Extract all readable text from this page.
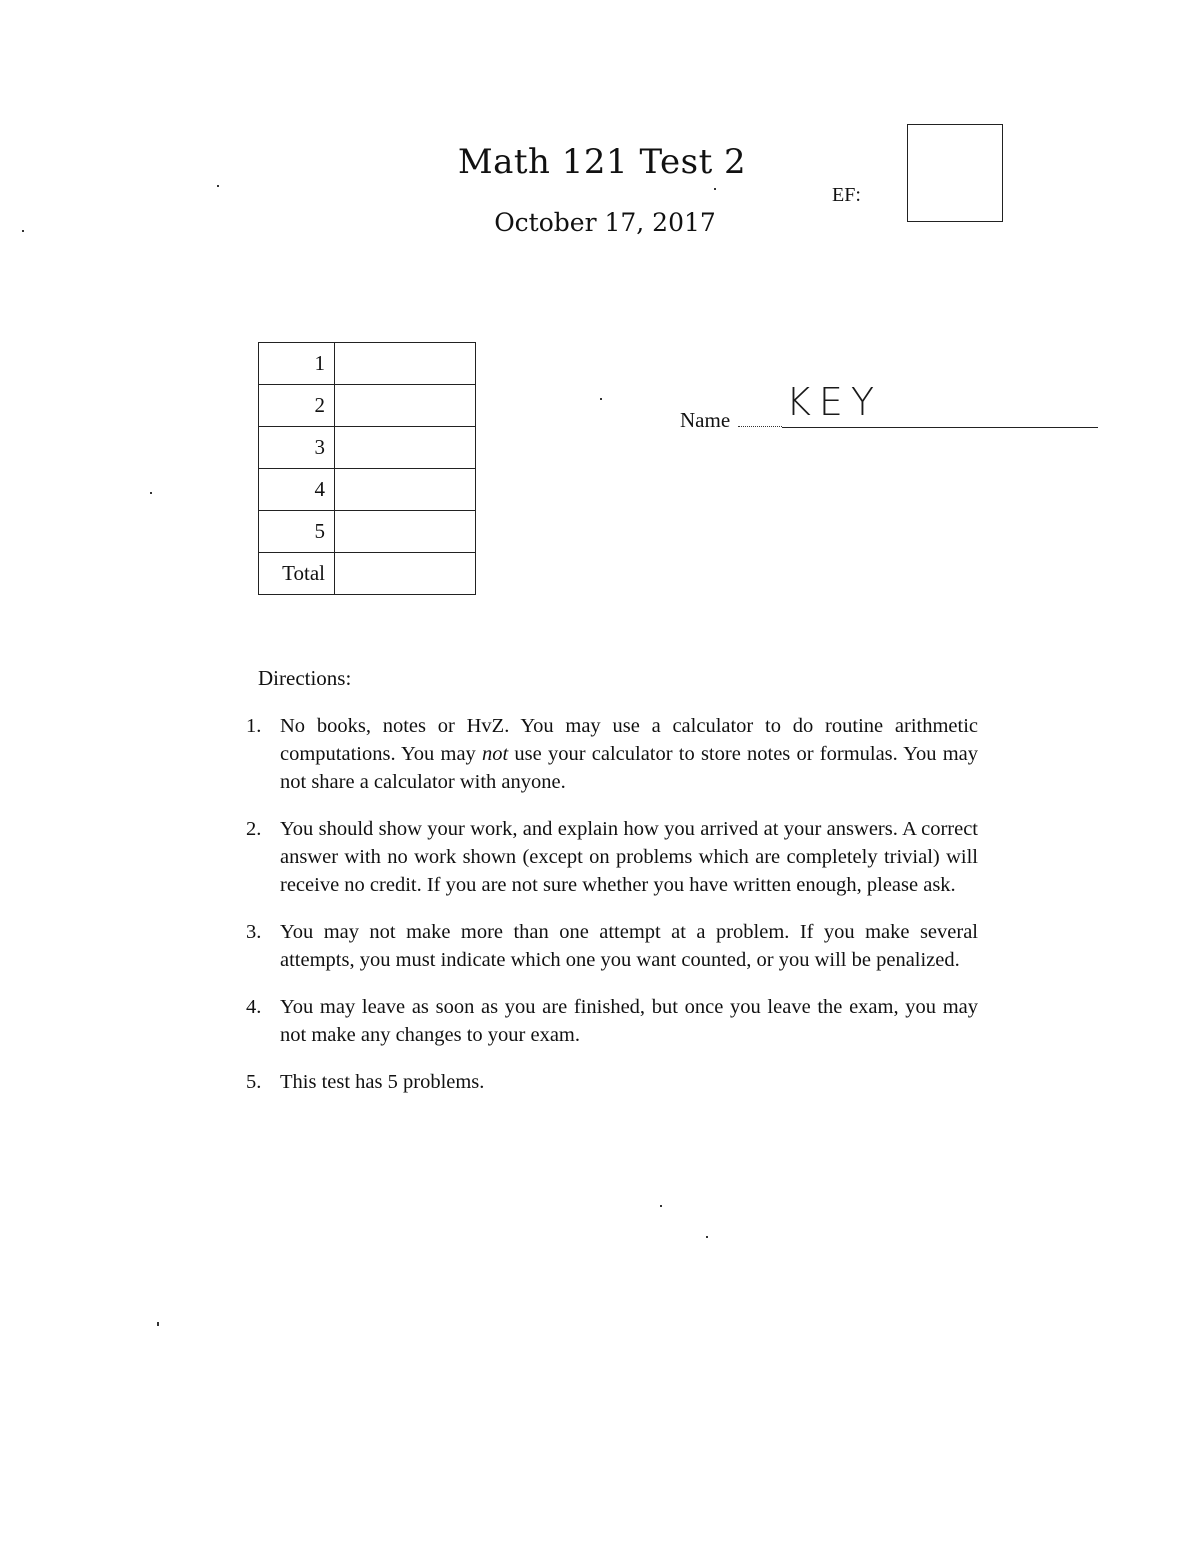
Math 121 Test 2
October 17, 2017
EF:
1	
2	
3	
4	
5	
Total	
Name KEY
Directions:
1. No books, notes or HvZ. You may use a calculator to do routine arithmetic computations. You may not use your calculator to store notes or formulas. You may not share a calculator with anyone.
2. You should show your work, and explain how you arrived at your answers. A correct answer with no work shown (except on problems which are completely trivial) will receive no credit. If you are not sure whether you have written enough, please ask.
3. You may not make more than one attempt at a problem. If you make several attempts, you must indicate which one you want counted, or you will be penalized.
4. You may leave as soon as you are finished, but once you leave the exam, you may not make any changes to your exam.
5. This test has 5 problems.
